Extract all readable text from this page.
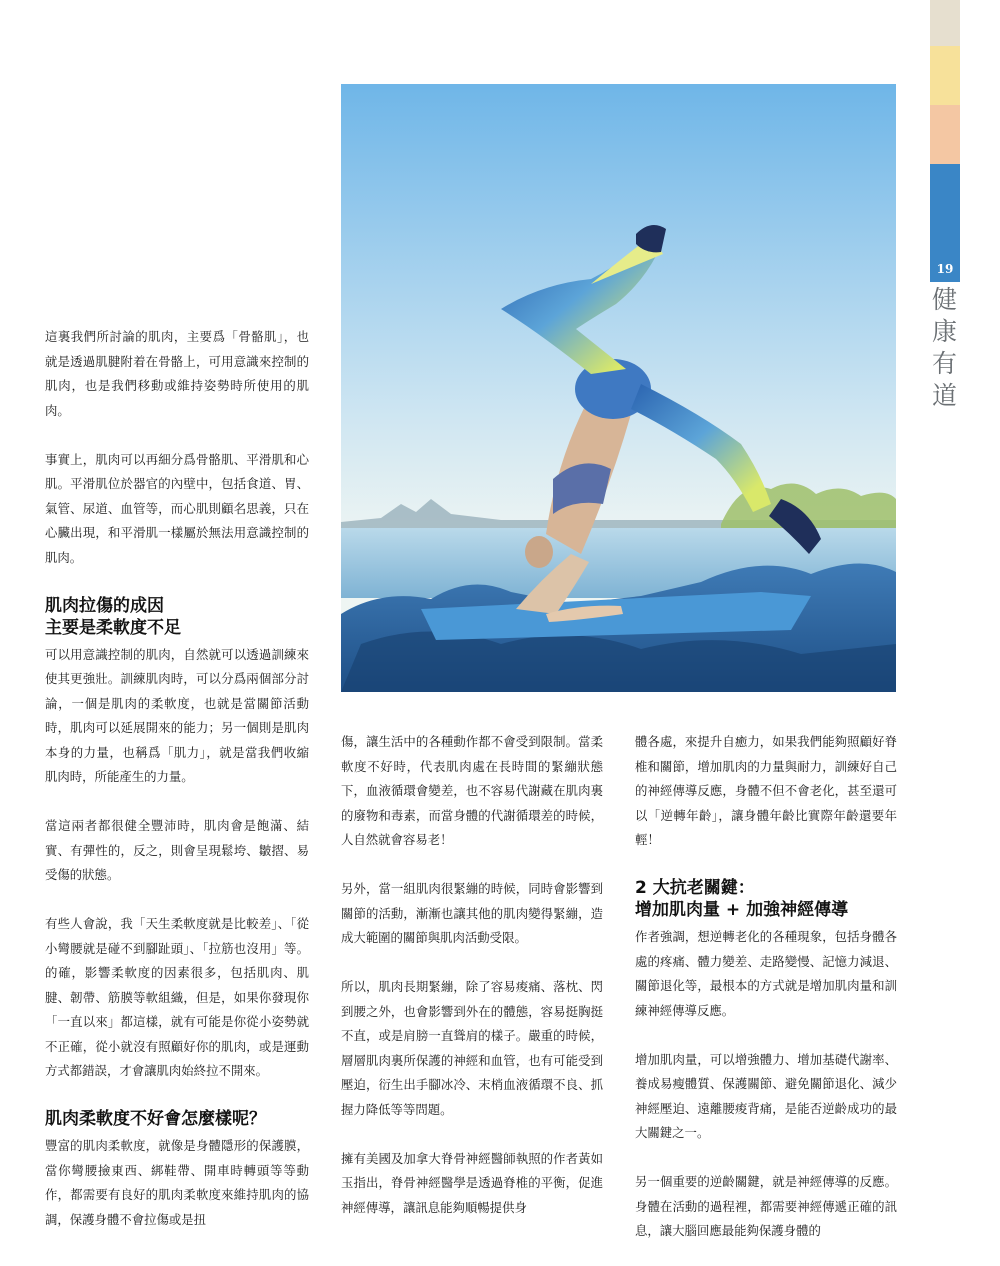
19
健
康
有
道

這裏我們所討論的肌肉，主要爲「骨骼肌」，也就是透過肌腱附着在骨骼上，可用意識來控制的肌肉，也是我們移動或維持姿勢時所使用的肌肉。

事實上，肌肉可以再細分爲骨骼肌、平滑肌和心肌。平滑肌位於器官的內壁中，包括食道、胃、氣管、尿道、血管等，而心肌則顧名思義，只在心臟出現，和平滑肌一樣屬於無法用意識控制的肌肉。

肌肉拉傷的成因
主要是柔軟度不足

可以用意識控制的肌肉，自然就可以透過訓練來使其更強壯。訓練肌肉時，可以分爲兩個部分討論，一個是肌肉的柔軟度，也就是當關節活動時，肌肉可以延展開來的能力；另一個則是肌肉本身的力量，也稱爲「肌力」，就是當我們收縮肌肉時，所能產生的力量。

當這兩者都很健全豐沛時，肌肉會是飽滿、結實、有彈性的，反之，則會呈現鬆垮、皺摺、易受傷的狀態。

有些人會說，我「天生柔軟度就是比較差」、「從小彎腰就是碰不到腳趾頭」、「拉筋也沒用」等。的確，影響柔軟度的因素很多，包括肌肉、肌腱、韌帶、筋膜等軟組織，但是，如果你發現你「一直以來」都這樣，就有可能是你從小姿勢就不正確，從小就沒有照顧好你的肌肉，或是運動方式都錯誤，才會讓肌肉始終拉不開來。

肌肉柔軟度不好會怎麼樣呢？

豐富的肌肉柔軟度，就像是身體隱形的保護膜，當你彎腰撿東西、綁鞋帶、開車時轉頭等等動作，都需要有良好的肌肉柔軟度來維持肌肉的協調，保護身體不會拉傷或是扭

傷，讓生活中的各種動作都不會受到限制。當柔軟度不好時，代表肌肉處在長時間的緊繃狀態下，血液循環會變差，也不容易代謝藏在肌肉裏的廢物和毒素，而當身體的代謝循環差的時候，人自然就會容易老！

另外，當一組肌肉很緊繃的時候，同時會影響到關節的活動，漸漸也讓其他的肌肉變得緊繃，造成大範圍的關節與肌肉活動受限。

所以，肌肉長期緊繃，除了容易痠痛、落枕、閃到腰之外，也會影響到外在的體態，容易挺胸挺不直，或是肩膀一直聳肩的樣子。嚴重的時候，層層肌肉裏所保護的神經和血管，也有可能受到壓迫，衍生出手腳冰冷、末梢血液循環不良、抓握力降低等等問題。

擁有美國及加拿大脊骨神經醫師執照的作者黃如玉指出，脊骨神經醫學是透過脊椎的平衡，促進神經傳導，讓訊息能夠順暢提供身

體各處，來提升自癒力，如果我們能夠照顧好脊椎和關節，增加肌肉的力量與耐力，訓練好自己的神經傳導反應，身體不但不會老化，甚至還可以「逆轉年齡」，讓身體年齡比實際年齡還要年輕！

2 大抗老關鍵：
增加肌肉量 + 加強神經傳導

作者強調，想逆轉老化的各種現象，包括身體各處的疼痛、體力變差、走路變慢、記憶力減退、關節退化等，最根本的方式就是增加肌肉量和訓練神經傳導反應。

增加肌肉量，可以增強體力、增加基礎代謝率、養成易瘦體質、保護關節、避免關節退化、減少神經壓迫、遠離腰痠背痛，是能否逆齡成功的最大關鍵之一。

另一個重要的逆齡關鍵，就是神經傳導的反應。身體在活動的過程裡，都需要神經傳遞正確的訊息，讓大腦回應最能夠保護身體的
